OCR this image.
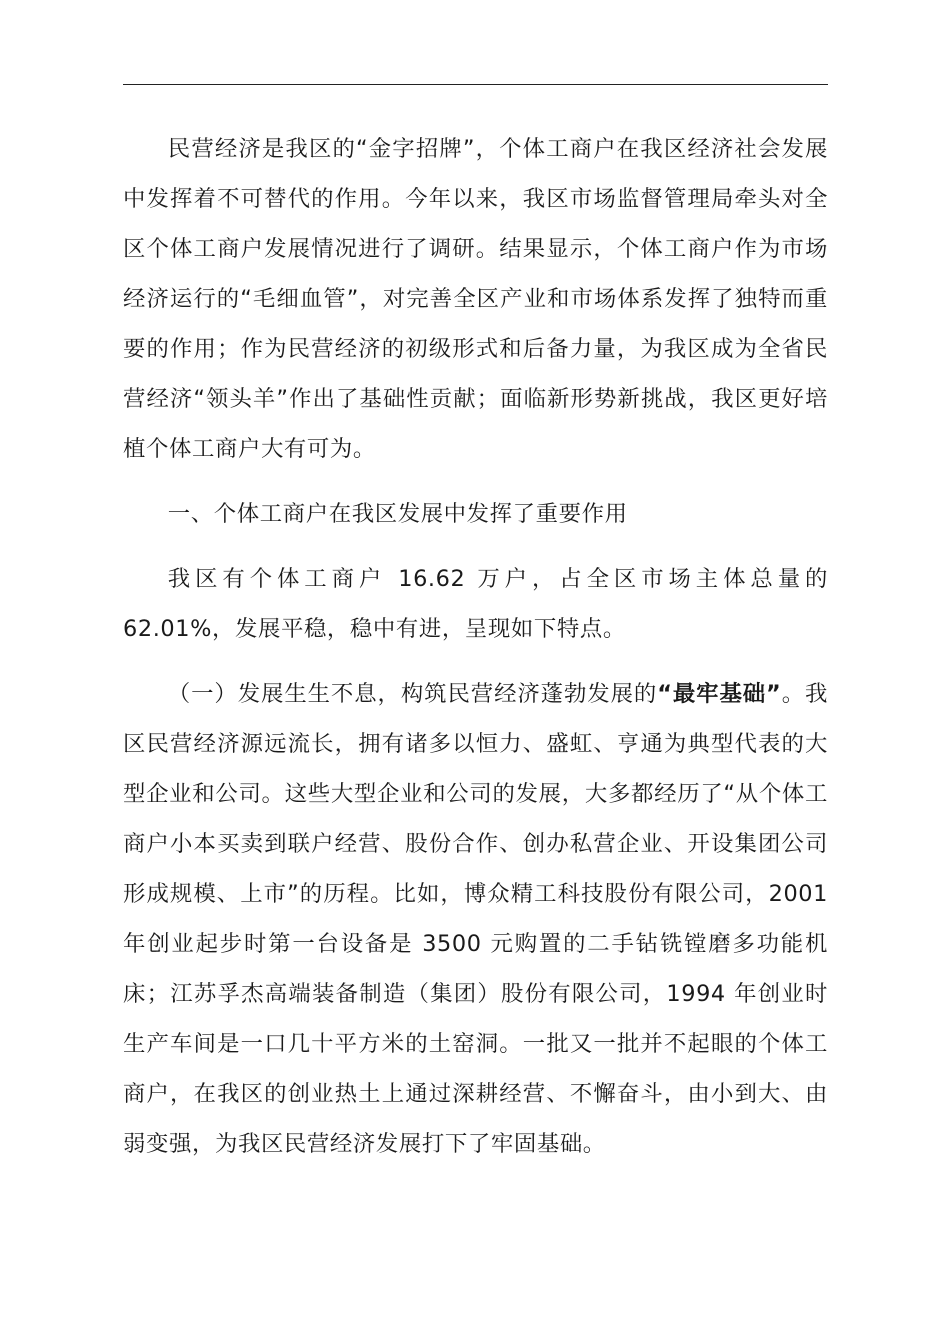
民营经济是我区的“金字招牌”，个体工商户在我区经济社会发展中发挥着不可替代的作用。今年以来，我区市场监督管理局牵头对全区个体工商户发展情况进行了调研。结果显示，个体工商户作为市场经济运行的“毛细血管”，对完善全区产业和市场体系发挥了独特而重要的作用；作为民营经济的初级形式和后备力量，为我区成为全省民营经济“领头羊”作出了基础性贡献；面临新形势新挑战，我区更好培植个体工商户大有可为。

一、个体工商户在我区发展中发挥了重要作用

我区有个体工商户 16.62 万户，占全区市场主体总量的 62.01%，发展平稳，稳中有进，呈现如下特点。

（一）发展生生不息，构筑民营经济蓬勃发展的“最牢基础”。我区民营经济源远流长，拥有诸多以恒力、盛虹、亨通为典型代表的大型企业和公司。这些大型企业和公司的发展，大多都经历了“从个体工商户小本买卖到联户经营、股份合作、创办私营企业、开设集团公司形成规模、上市”的历程。比如，博众精工科技股份有限公司，2001 年创业起步时第一台设备是 3500 元购置的二手钻铣镗磨多功能机床；江苏孚杰高端装备制造（集团）股份有限公司，1994 年创业时生产车间是一口几十平方米的土窑洞。一批又一批并不起眼的个体工商户，在我区的创业热土上通过深耕经营、不懈奋斗，由小到大、由弱变强，为我区民营经济发展打下了牢固基础。
